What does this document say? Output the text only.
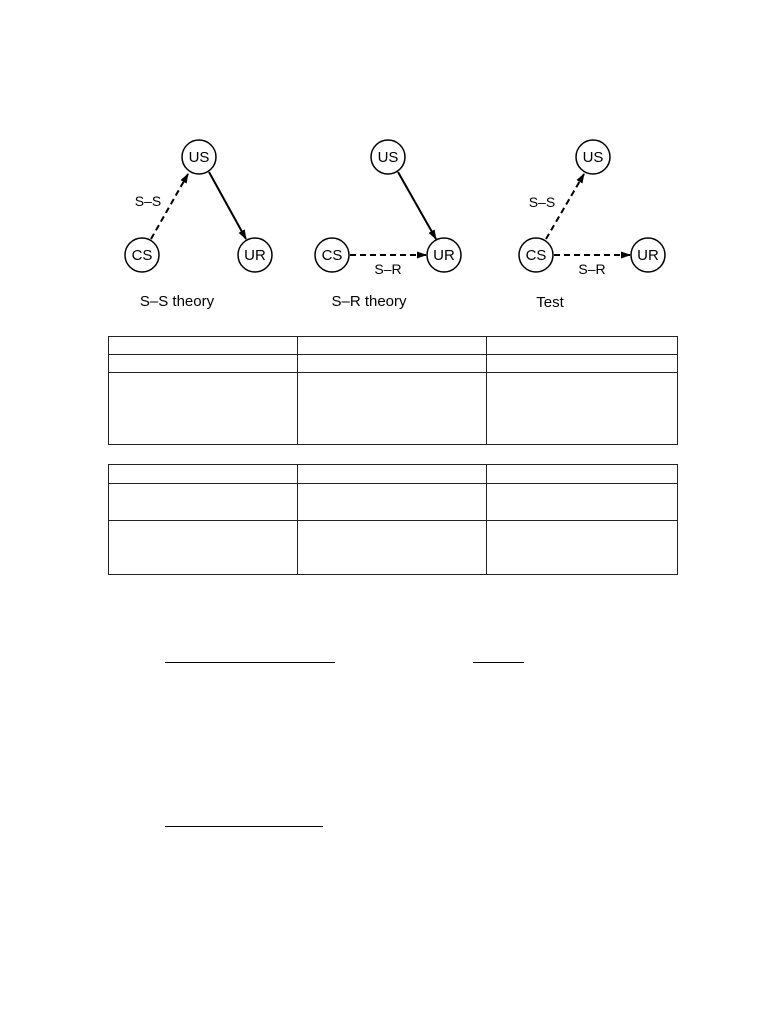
US
CS	UR
S–S
S–S theory
US
CS	UR
S–R
S–R theory
US
CS	UR
S–S
S–R
Test
